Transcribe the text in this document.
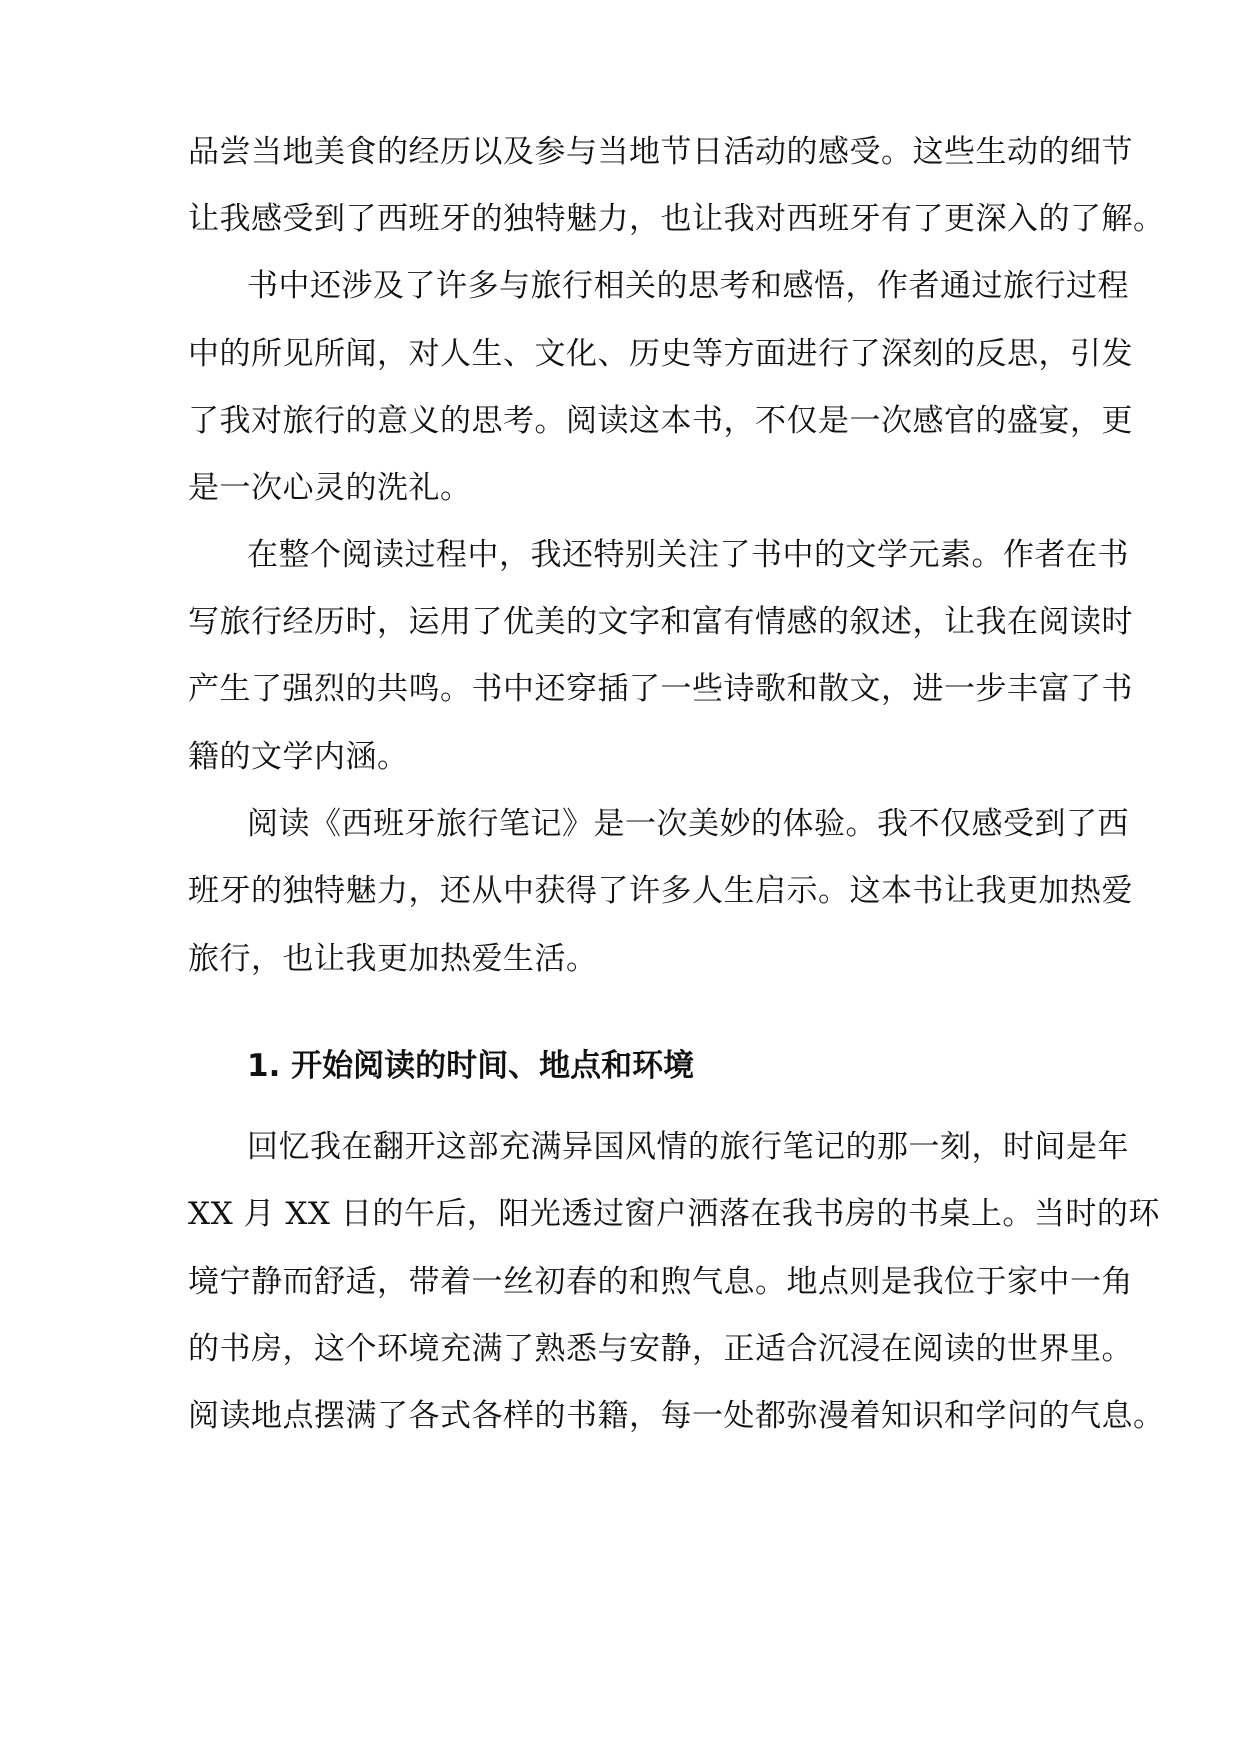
品尝当地美食的经历以及参与当地节日活动的感受。这些生动的细节
让我感受到了西班牙的独特魅力，也让我对西班牙有了更深入的了解。
书中还涉及了许多与旅行相关的思考和感悟，作者通过旅行过程
中的所见所闻，对人生、文化、历史等方面进行了深刻的反思，引发
了我对旅行的意义的思考。阅读这本书，不仅是一次感官的盛宴，更
是一次心灵的洗礼。
在整个阅读过程中，我还特别关注了书中的文学元素。作者在书
写旅行经历时，运用了优美的文字和富有情感的叙述，让我在阅读时
产生了强烈的共鸣。书中还穿插了一些诗歌和散文，进一步丰富了书
籍的文学内涵。
阅读《西班牙旅行笔记》是一次美妙的体验。我不仅感受到了西
班牙的独特魅力，还从中获得了许多人生启示。这本书让我更加热爱
旅行，也让我更加热爱生活。
1. 开始阅读的时间、地点和环境
回忆我在翻开这部充满异国风情的旅行笔记的那一刻，时间是年
XX 月 XX 日的午后，阳光透过窗户洒落在我书房的书桌上。当时的环
境宁静而舒适，带着一丝初春的和煦气息。地点则是我位于家中一角
的书房，这个环境充满了熟悉与安静，正适合沉浸在阅读的世界里。
阅读地点摆满了各式各样的书籍，每一处都弥漫着知识和学问的气息。
